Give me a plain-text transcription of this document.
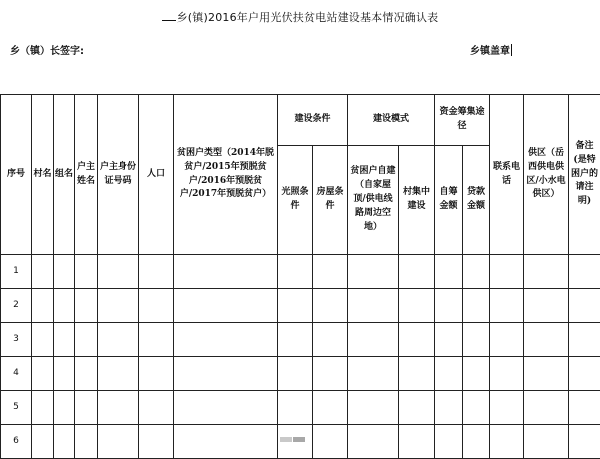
乡(镇)2016年户用光伏扶贫电站建设基本情况确认表
乡（镇）长签字:	乡镇盖章
序号	村名	组名	户主姓名	户主身份证号码	人口	贫困户类型（2014年脱贫户/2015年预脱贫户/2016年预脱贫户/2017年预脱贫户）	建设条件		建设模式		资金筹集途径		联系电话	供区（岳西供电供区/小水电供区）	备注(是特困户的请注明)
							光照条件	房屋条件	贫困户自建（自家屋顶/供电线路周边空地）	村集中建设	自筹金额	贷款金额			
1															
2															
3															
4															
5															
6															
